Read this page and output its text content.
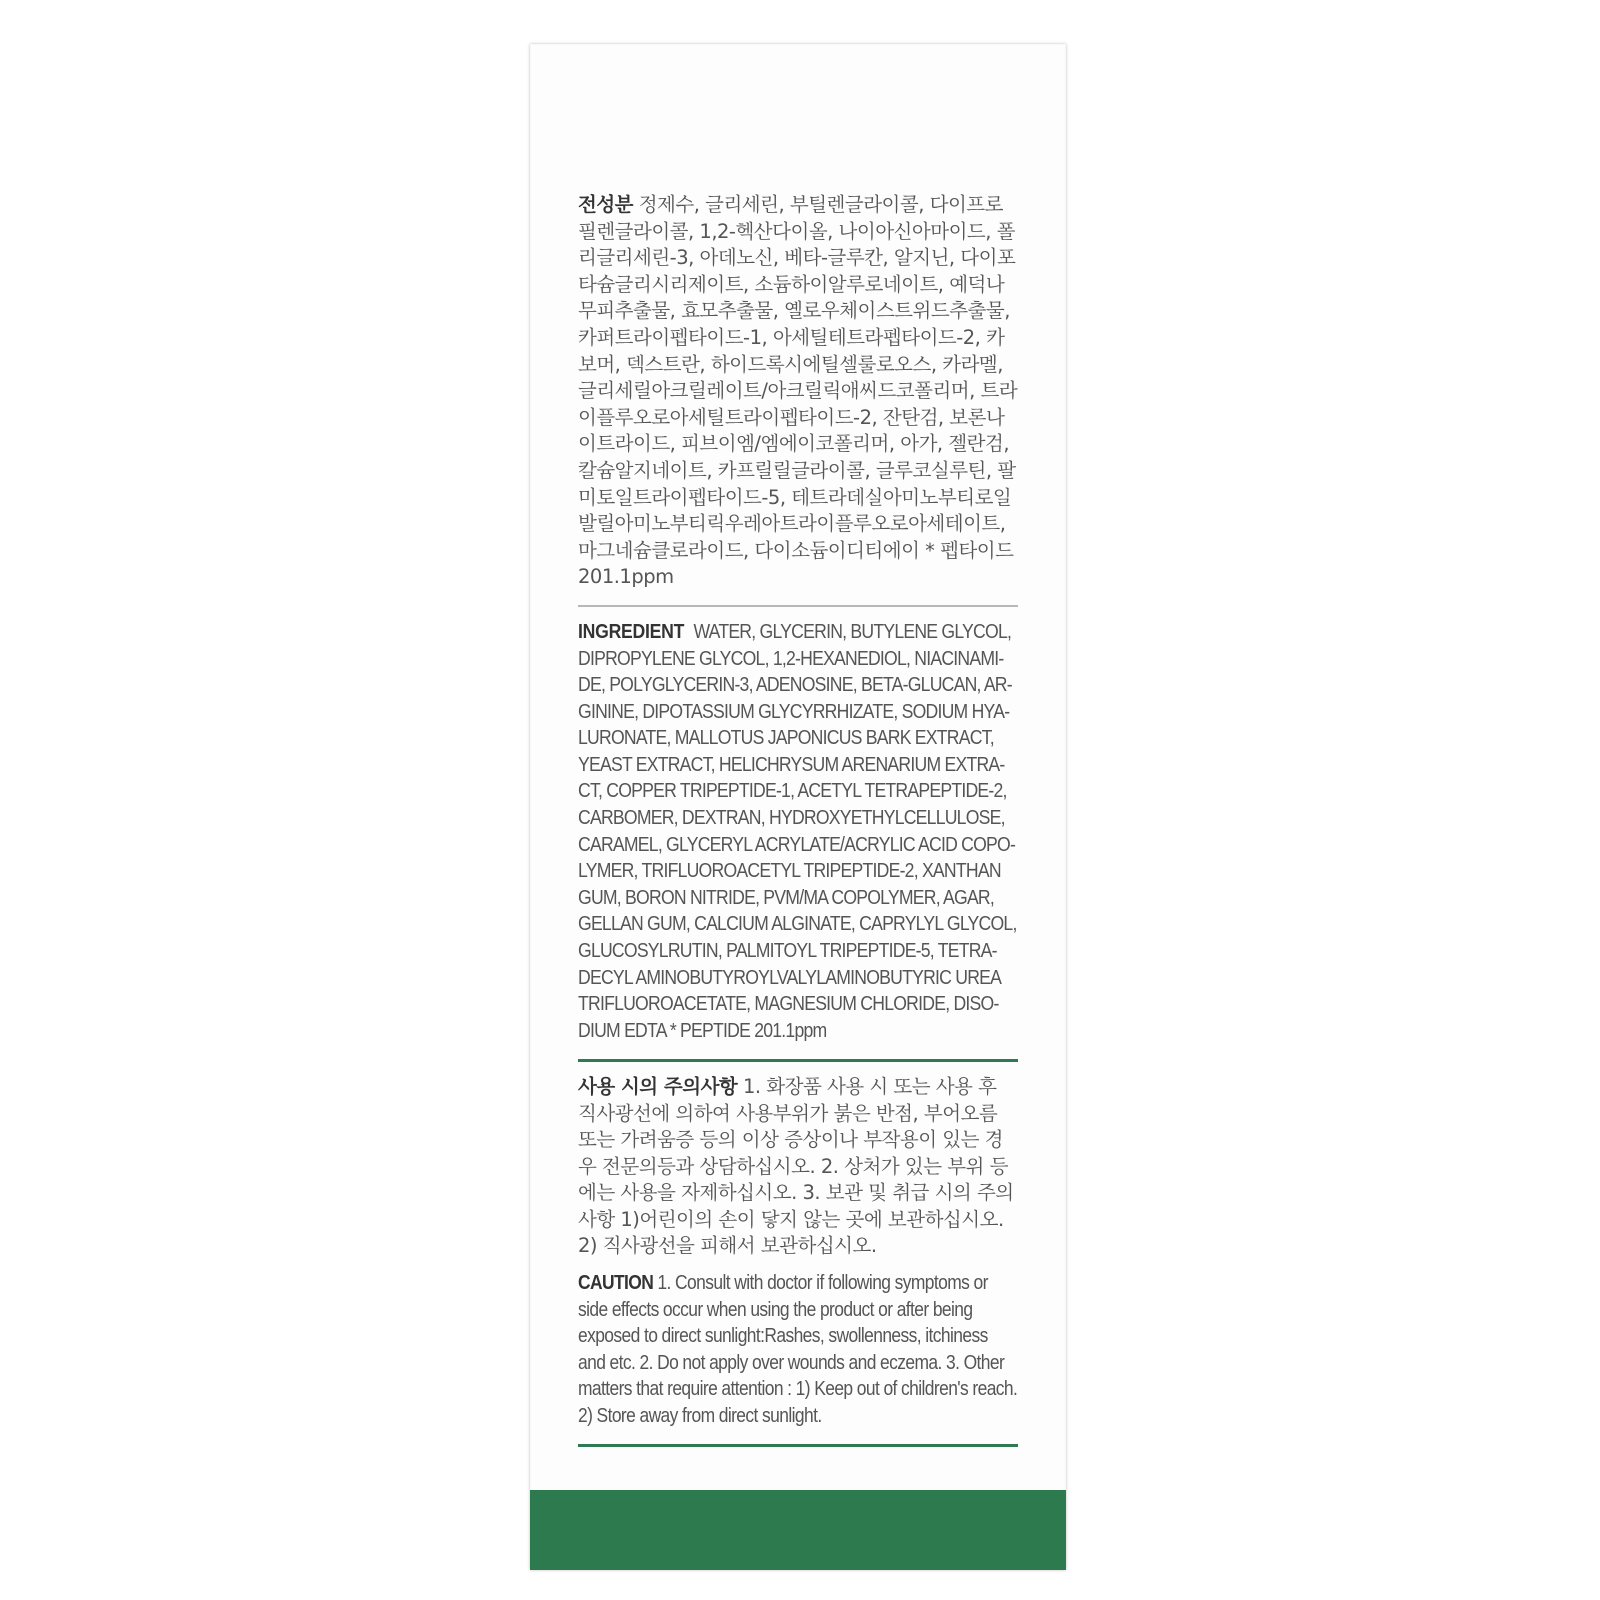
전성분 정제수, 글리세린, 부틸렌글라이콜, 다이프로필렌글라이콜, 1,2-헥산다이올, 나이아신아마이드, 폴리글리세린-3, 아데노신, 베타-글루칸, 알지닌, 다이포타슘글리시리제이트, 소듐하이알루로네이트, 예덕나무피추출물, 효모추출물, 옐로우체이스트위드추출물, 카퍼트라이펩타이드-1, 아세틸테트라펩타이드-2, 카보머, 덱스트란, 하이드록시에틸셀룰로오스, 카라멜, 글리세릴아크릴레이트/아크릴릭애씨드코폴리머, 트라이플루오로아세틸트라이펩타이드-2, 잔탄검, 보론나이트라이드, 피브이엠/엠에이코폴리머, 아가, 젤란검, 칼슘알지네이트, 카프릴릴글라이콜, 글루코실루틴, 팔미토일트라이펩타이드-5, 테트라데실아미노부티로일발릴아미노부티릭우레아트라이플루오로아세테이트, 마그네슘클로라이드, 다이소듐이디티에이 * 펩타이드 201.1ppm

INGREDIENT WATER, GLYCERIN, BUTYLENE GLYCOL, DIPROPYLENE GLYCOL, 1,2-HEXANEDIOL, NIACINAMI-DE, POLYGLYCERIN-3, ADENOSINE, BETA-GLUCAN, AR-GININE, DIPOTASSIUM GLYCYRRHIZATE, SODIUM HYA-LURONATE, MALLOTUS JAPONICUS BARK EXTRACT, YEAST EXTRACT, HELICHRYSUM ARENARIUM EXTRA-CT, COPPER TRIPEPTIDE-1, ACETYL TETRAPEPTIDE-2, CARBOMER, DEXTRAN, HYDROXYETHYLCELLULOSE, CARAMEL, GLYCERYL ACRYLATE/ACRYLIC ACID COPO-LYMER, TRIFLUOROACETYL TRIPEPTIDE-2, XANTHAN GUM, BORON NITRIDE, PVM/MA COPOLYMER, AGAR, GELLAN GUM, CALCIUM ALGINATE, CAPRYLYL GLYCOL, GLUCOSYLRUTIN, PALMITOYL TRIPEPTIDE-5, TETRA-DECYL AMINOBUTYROYLVALYLAMINOBUTYRIC UREA TRIFLUOROACETATE, MAGNESIUM CHLORIDE, DISO-DIUM EDTA * PEPTIDE 201.1ppm

사용 시의 주의사항 1. 화장품 사용 시 또는 사용 후 직사광선에 의하여 사용부위가 붉은 반점, 부어오름 또는 가려움증 등의 이상 증상이나 부작용이 있는 경우 전문의등과 상담하십시오. 2. 상처가 있는 부위 등 에는 사용을 자제하십시오. 3. 보관 및 취급 시의 주의사항 1)어린이의 손이 닿지 않는 곳에 보관하십시오. 2) 직사광선을 피해서 보관하십시오.

CAUTION 1. Consult with doctor if following symptoms or side effects occur when using the product or after being exposed to direct sunlight:Rashes, swollenness, itchiness and etc. 2. Do not apply over wounds and eczema. 3. Other matters that require attention : 1) Keep out of children's reach. 2) Store away from direct sunlight.
